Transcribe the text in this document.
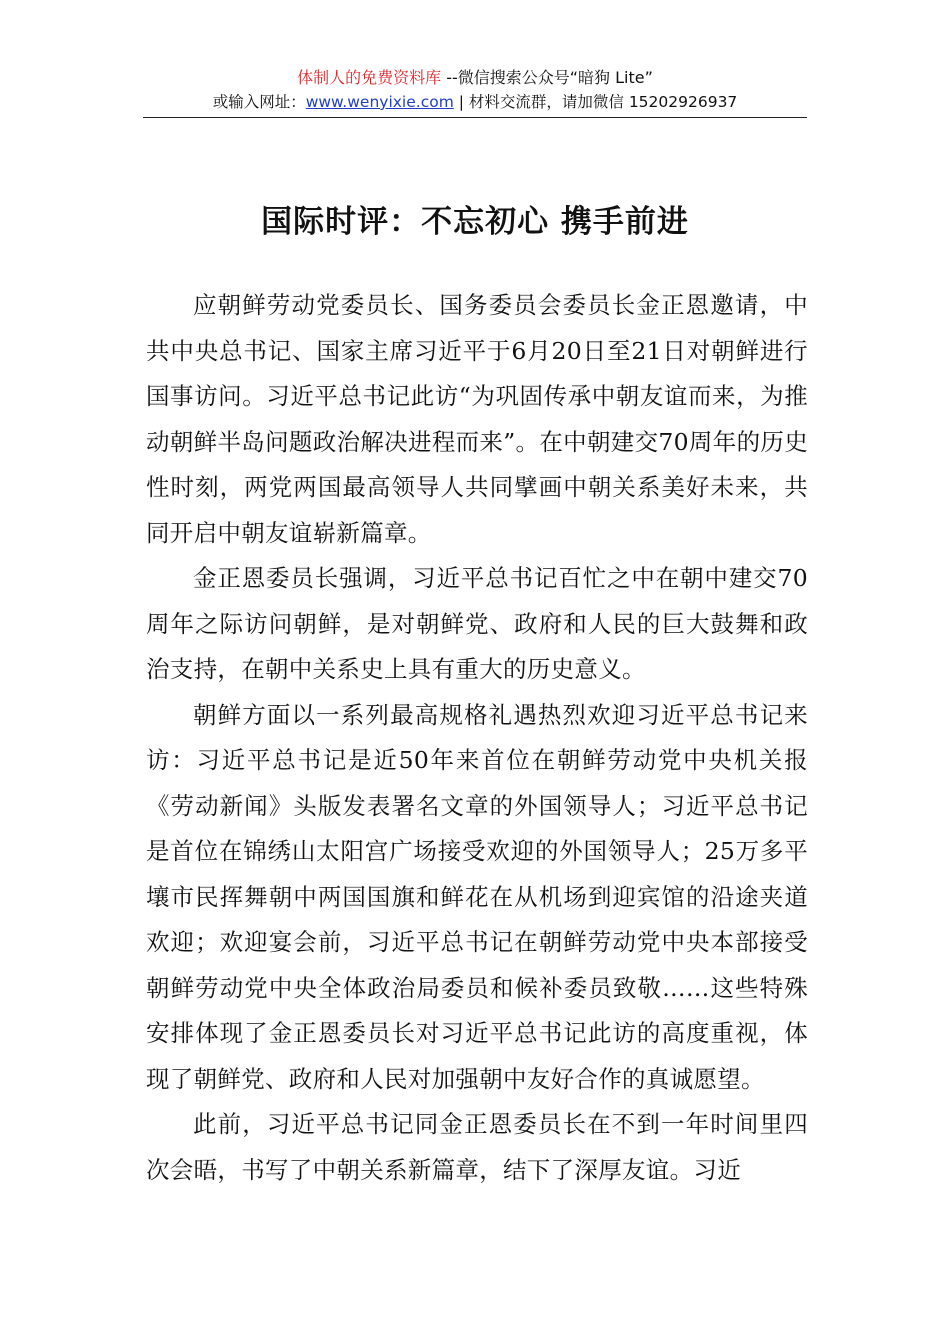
体制人的免费资料库 --微信搜索公众号“暗狗 Lite”
或输入网址：www.wenyixie.com | 材料交流群，请加微信 15202926937
国际时评：不忘初心 携手前进

应朝鲜劳动党委员长、国务委员会委员长金正恩邀请，中共中央总书记、国家主席习近平于6月20日至21日对朝鲜进行国事访问。习近平总书记此访“为巩固传承中朝友谊而来，为推动朝鲜半岛问题政治解决进程而来”。在中朝建交70周年的历史性时刻，两党两国最高领导人共同擘画中朝关系美好未来，共同开启中朝友谊崭新篇章。

金正恩委员长强调，习近平总书记百忙之中在朝中建交70周年之际访问朝鲜，是对朝鲜党、政府和人民的巨大鼓舞和政治支持，在朝中关系史上具有重大的历史意义。

朝鲜方面以一系列最高规格礼遇热烈欢迎习近平总书记来访：习近平总书记是近50年来首位在朝鲜劳动党中央机关报《劳动新闻》头版发表署名文章的外国领导人；习近平总书记是首位在锦绣山太阳宫广场接受欢迎的外国领导人；25万多平壤市民挥舞朝中两国国旗和鲜花在从机场到迎宾馆的沿途夹道欢迎；欢迎宴会前，习近平总书记在朝鲜劳动党中央本部接受朝鲜劳动党中央全体政治局委员和候补委员致敬……这些特殊安排体现了金正恩委员长对习近平总书记此访的高度重视，体现了朝鲜党、政府和人民对加强朝中友好合作的真诚愿望。

此前，习近平总书记同金正恩委员长在不到一年时间里四次会晤，书写了中朝关系新篇章，结下了深厚友谊。习近
